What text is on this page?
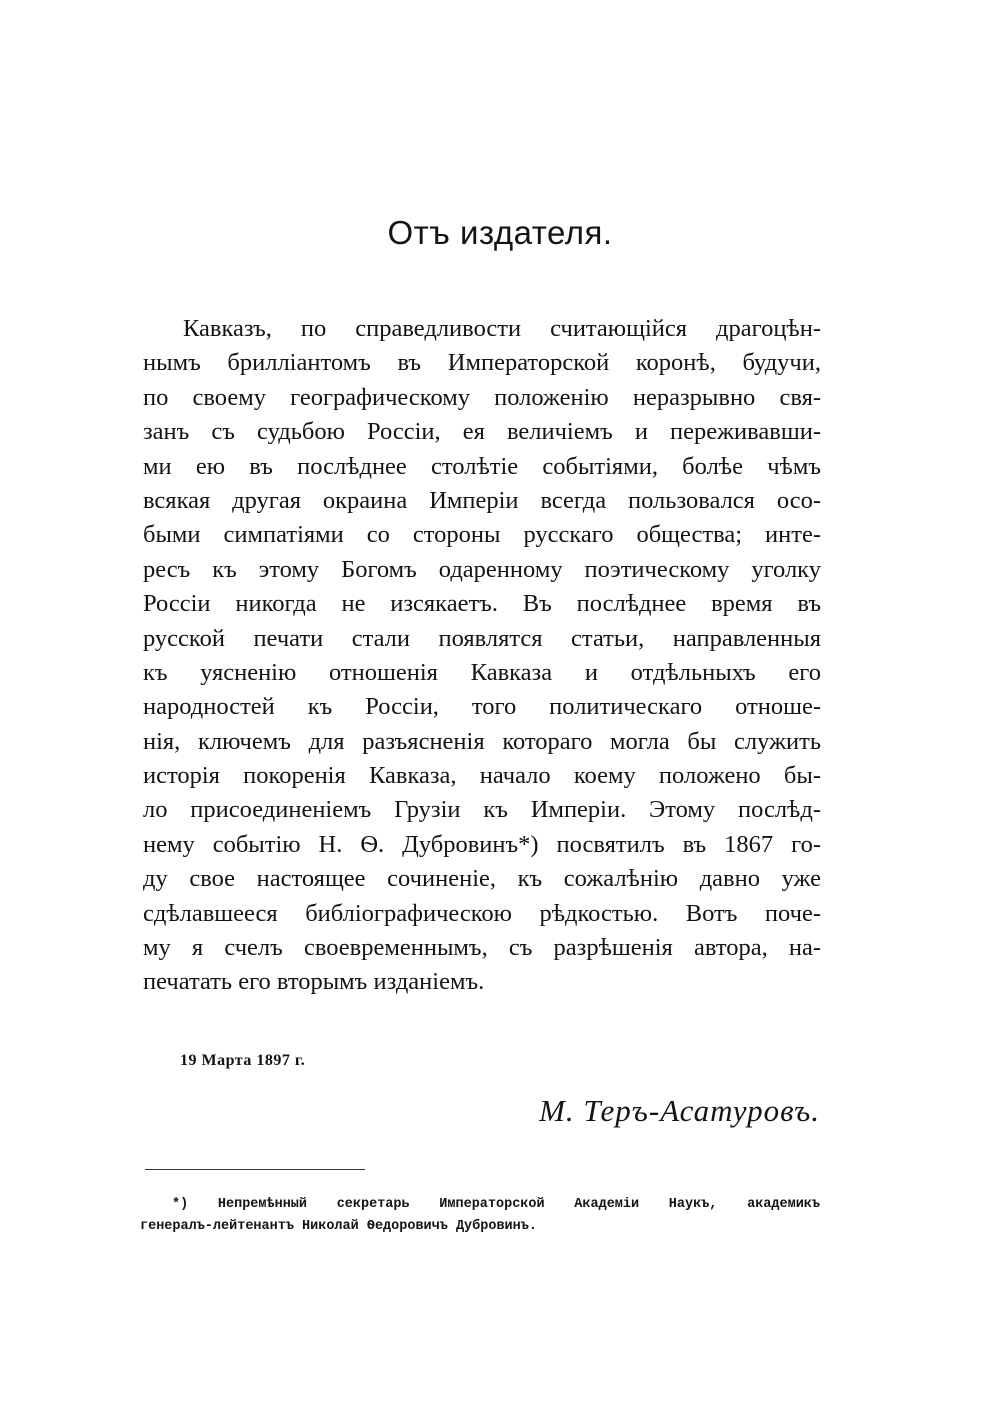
Отъ издателя.
Кавказъ, по справедливости считающійся драгоцѣн-
нымъ бриллiантомъ въ Императорской коронѣ, будучи,
по своему географическому положенію неразрывно свя-
занъ съ судьбою Россіи, ея величіемъ и переживавши-
ми ею въ послѣднее столѣтіе событіями, болѣе чѣмъ
всякая другая окраина Имперіи всегда пользовался осо-
быми симпатіями со стороны русскаго общества; инте-
ресъ къ этому Богомъ одаренному поэтическому уголку
Россіи никогда не изсякаетъ. Въ послѣднее время въ
русской печати стали появлятся статьи, направленныя
къ уясненію отношенія Кавказа и отдѣльныхъ его
народностей къ Россіи, того политическаго отноше-
нія, ключемъ для разъясненія котораго могла бы служить
исторія покоренія Кавказа, начало коему положено бы-
ло присоединеніемъ Грузіи къ Имперіи. Этому послѣд-
нему событію Н. Ѳ. Дубровинъ*) посвятилъ въ 1867 го-
ду свое настоящее сочиненіе, къ сожалѣнію давно уже
сдѣлавшееся библіографическою рѣдкостью. Вотъ поче-
му я счелъ своевременнымъ, съ разрѣшенія автора, на-
печатать его вторымъ изданіемъ.
19 Марта 1897 г.
М. Теръ-Асатуровъ.
*) Непремѣнный секретарь Императорской Академіи Наукъ, академикъ
генералъ-лейтенантъ Николай Ѳедоровичъ Дубровинъ.
